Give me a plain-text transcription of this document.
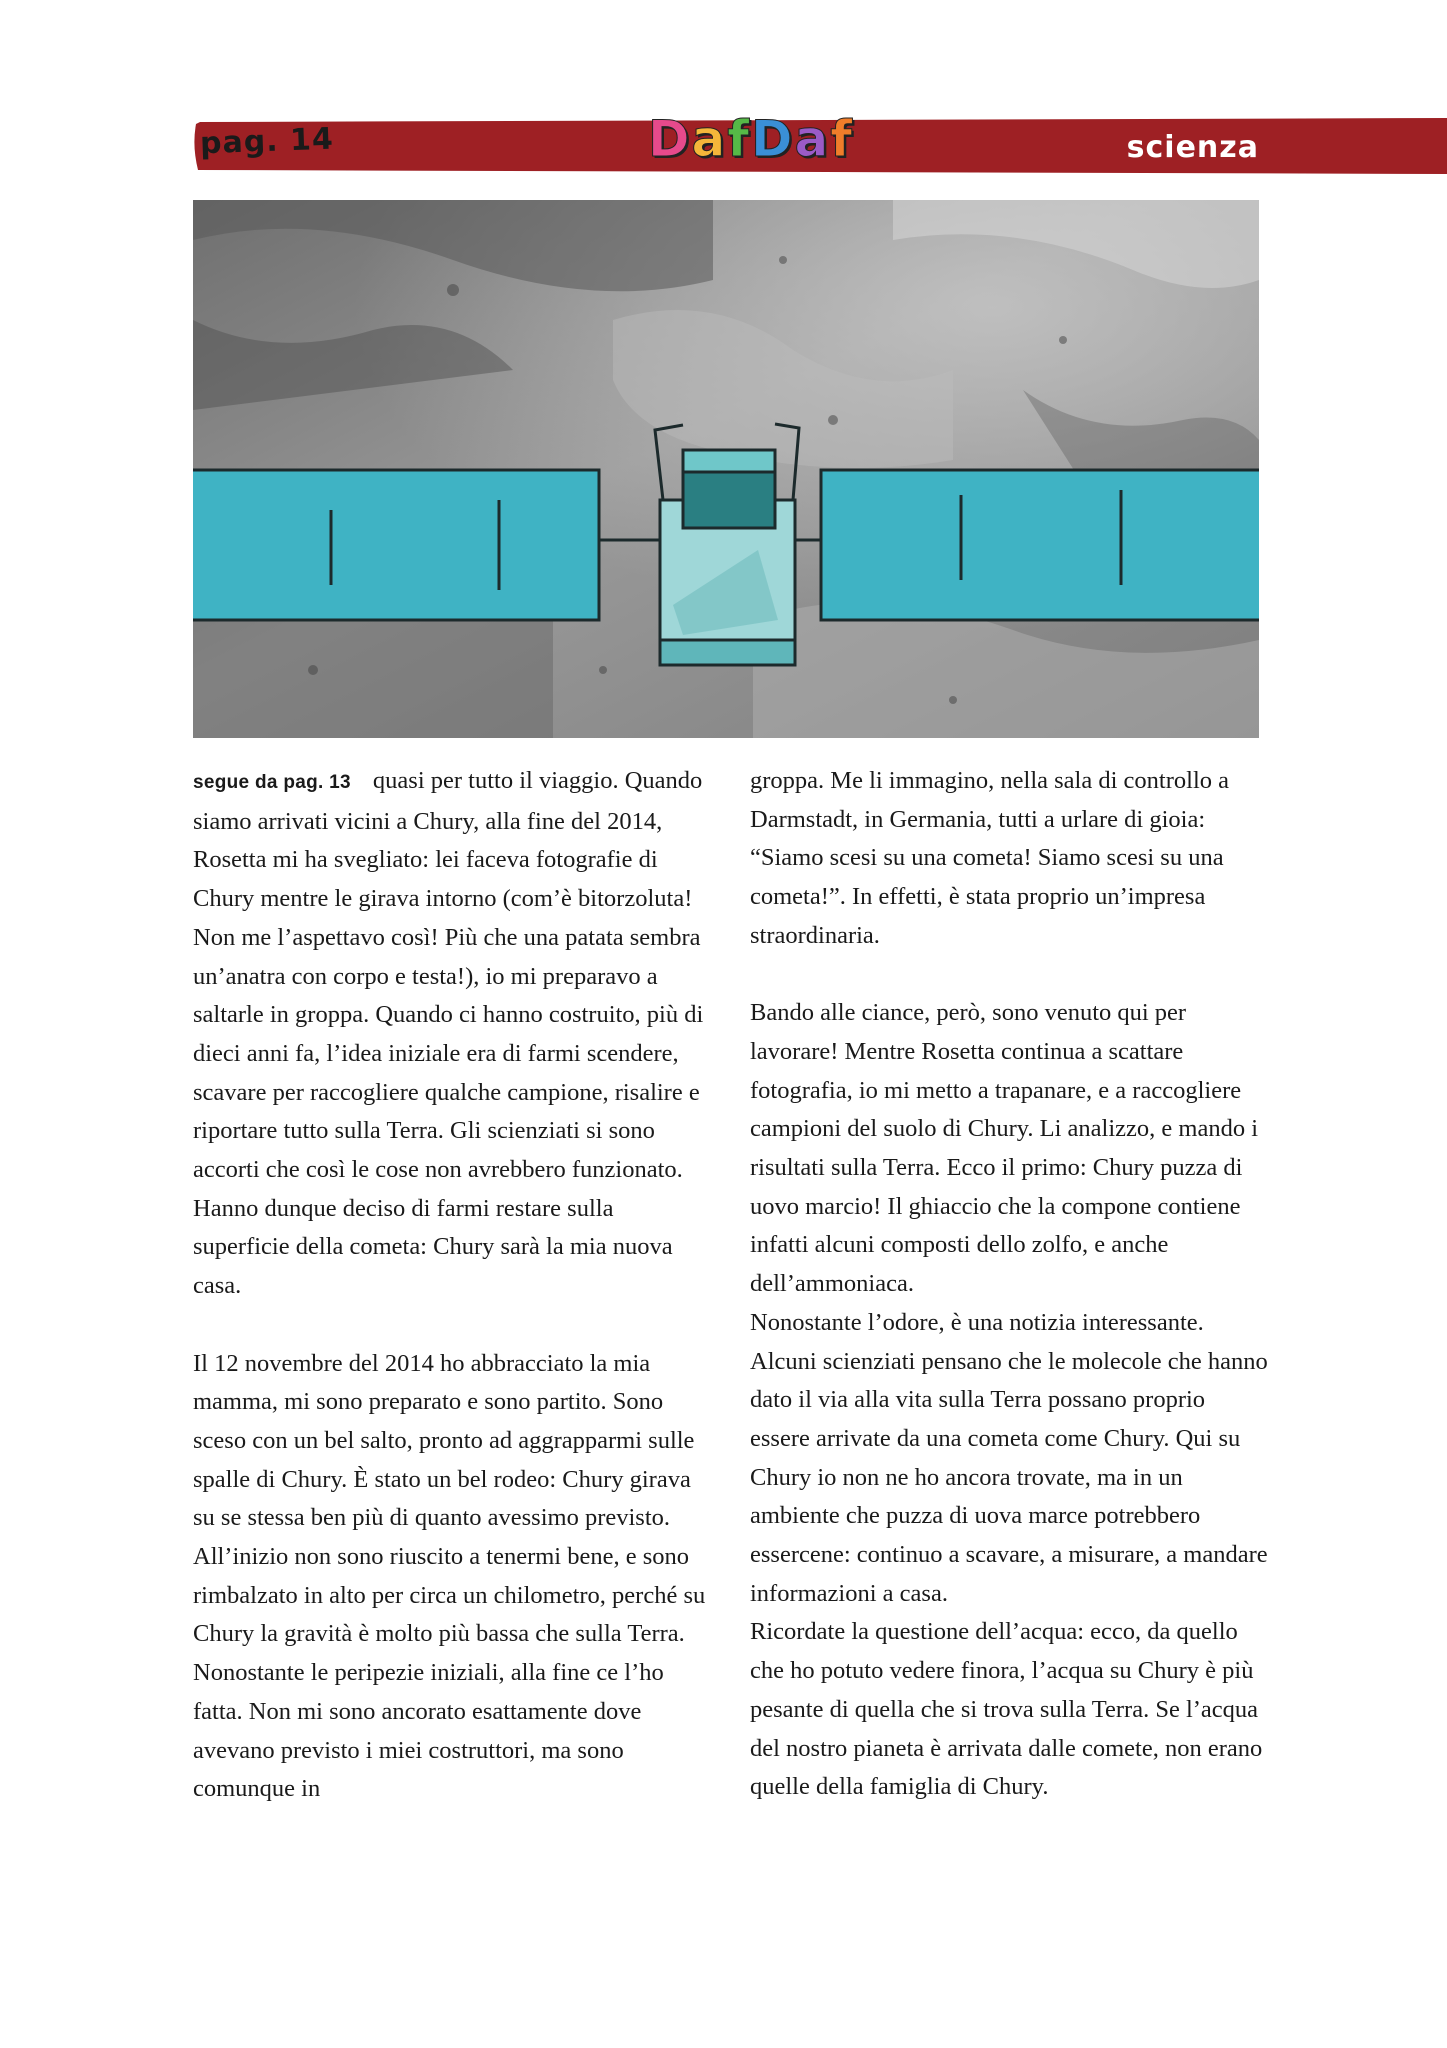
pag. 14	D a f D a f	scienza

segue da pag. 13 quasi per tutto il viaggio. Quando siamo arrivati vicini a Chury, alla fine del 2014, Rosetta mi ha svegliato: lei faceva fotografie di Chury mentre le girava intorno (com’è bitorzoluta! Non me l’aspettavo così! Più che una patata sembra un’anatra con corpo e testa!), io mi preparavo a saltarle in groppa. Quando ci hanno costruito, più di dieci anni fa, l’idea iniziale era di farmi scendere, scavare per raccogliere qualche campione, risalire e riportare tutto sulla Terra. Gli scienziati si sono accorti che così le cose non avrebbero funzionato. Hanno dunque deciso di farmi restare sulla superficie della cometa: Chury sarà la mia nuova casa.

Il 12 novembre del 2014 ho abbracciato la mia mamma, mi sono preparato e sono partito. Sono sceso con un bel salto, pronto ad aggrapparmi sulle spalle di Chury. È stato un bel rodeo: Chury girava su se stessa ben più di quanto avessimo previsto. All’inizio non sono riuscito a tenermi bene, e sono rimbalzato in alto per circa un chilometro, perché su Chury la gravità è molto più bassa che sulla Terra. Nonostante le peripezie iniziali, alla fine ce l’ho fatta. Non mi sono ancorato esattamente dove avevano previsto i miei costruttori, ma sono comunque in

groppa. Me li immagino, nella sala di controllo a Darmstadt, in Germania, tutti a urlare di gioia: “Siamo scesi su una cometa! Siamo scesi su una cometa!”. In effetti, è stata proprio un’impresa straordinaria.

Bando alle ciance, però, sono venuto qui per lavorare! Mentre Rosetta continua a scattare fotografia, io mi metto a trapanare, e a raccogliere campioni del suolo di Chury. Li analizzo, e mando i risultati sulla Terra. Ecco il primo: Chury puzza di uovo marcio! Il ghiaccio che la compone contiene infatti alcuni composti dello zolfo, e anche dell’ammoniaca.

Nonostante l’odore, è una notizia interessante. Alcuni scienziati pensano che le molecole che hanno dato il via alla vita sulla Terra possano proprio essere arrivate da una cometa come Chury. Qui su Chury io non ne ho ancora trovate, ma in un ambiente che puzza di uova marce potrebbero essercene: continuo a scavare, a misurare, a mandare informazioni a casa.

Ricordate la questione dell’acqua: ecco, da quello che ho potuto vedere finora, l’acqua su Chury è più pesante di quella che si trova sulla Terra. Se l’acqua del nostro pianeta è arrivata dalle comete, non erano quelle della famiglia di Chury.
